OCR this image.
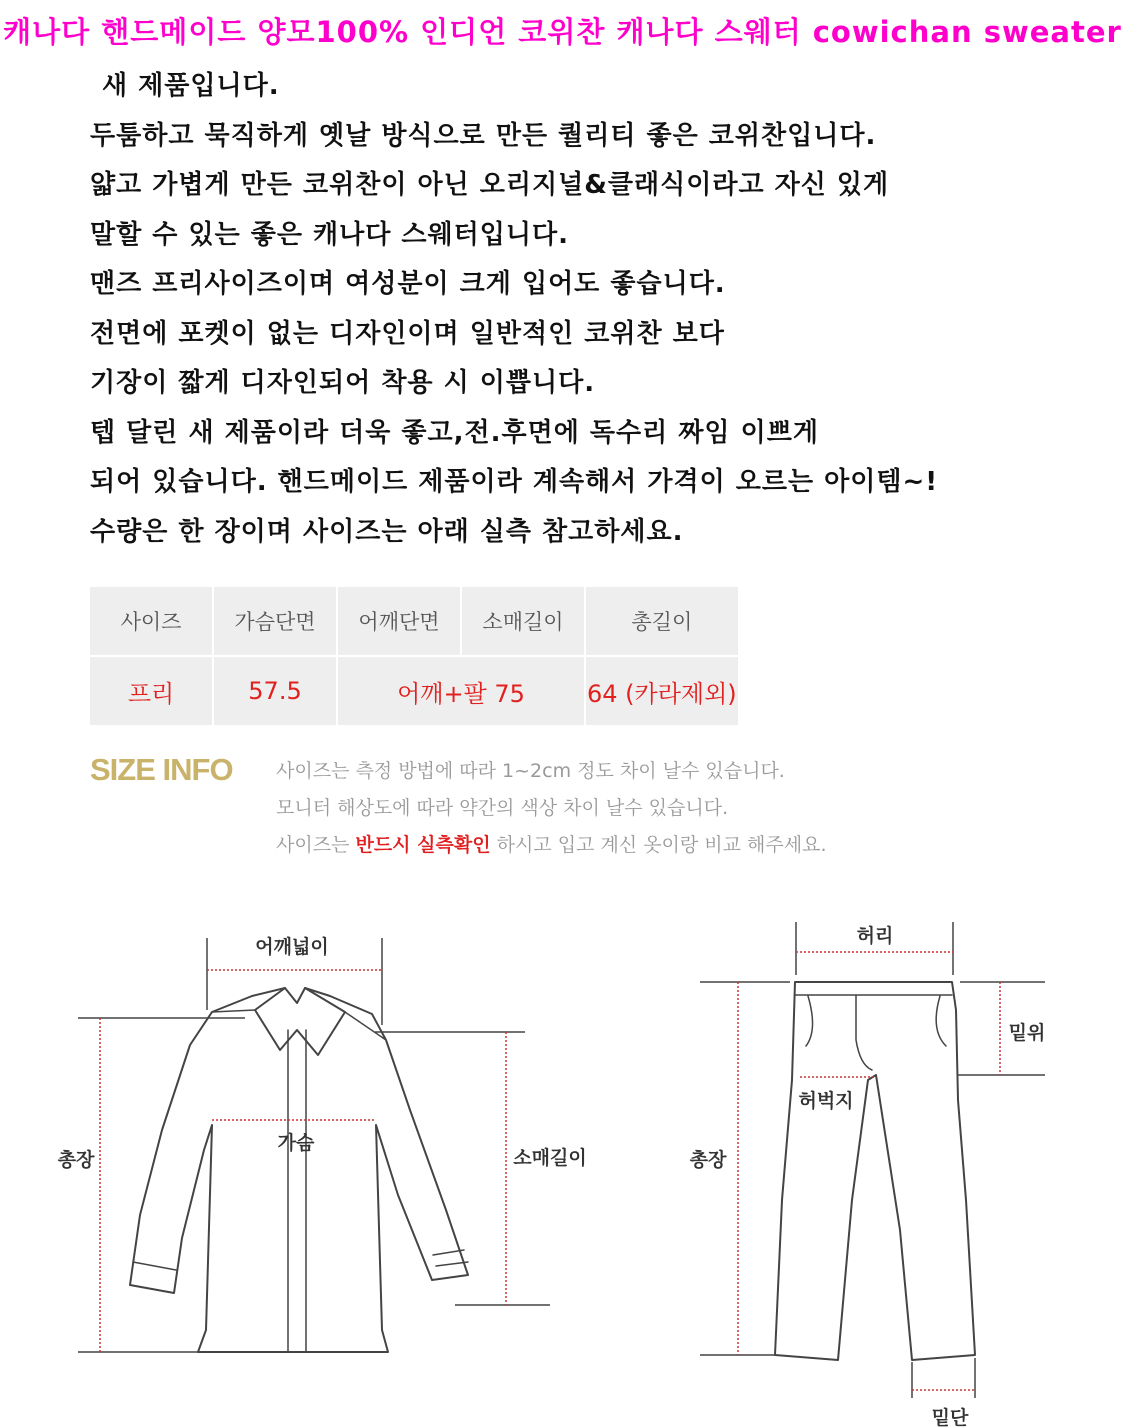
캐나다 핸드메이드 양모100% 인디언 코위찬 캐나다 스웨터 cowichan sweater
새 제품입니다.
두툼하고 묵직하게 옛날 방식으로 만든 퀄리티 좋은 코위찬입니다.
얇고 가볍게 만든 코위찬이 아닌 오리지널&클래식이라고 자신 있게
말할 수 있는 좋은 캐나다 스웨터입니다.
맨즈 프리사이즈이며 여성분이 크게 입어도 좋습니다.
전면에 포켓이 없는 디자인이며 일반적인 코위찬 보다
기장이 짧게 디자인되어 착용 시 이쁩니다.
텝 달린 새 제품이라 더욱 좋고,전.후면에 독수리 짜임 이쁘게
되어 있습니다. 핸드메이드 제품이라 계속해서 가격이 오르는 아이템~!
수량은 한 장이며 사이즈는 아래 실측 참고하세요.
사이즈	가슴단면	어깨단면	소매길이	총길이
프리	57.5	어깨+팔 75		64 (카라제외)
SIZE INFO 사이즈는 측정 방법에 따라 1~2cm 정도 차이 날수 있습니다.
모니터 해상도에 따라 약간의 색상 차이 날수 있습니다.
사이즈는 반드시 실측확인 하시고 입고 계신 옷이랑 비교 해주세요.
어깨넓이
가슴
총장	소매길이
허리
밑위
허벅지
총장
밑단
